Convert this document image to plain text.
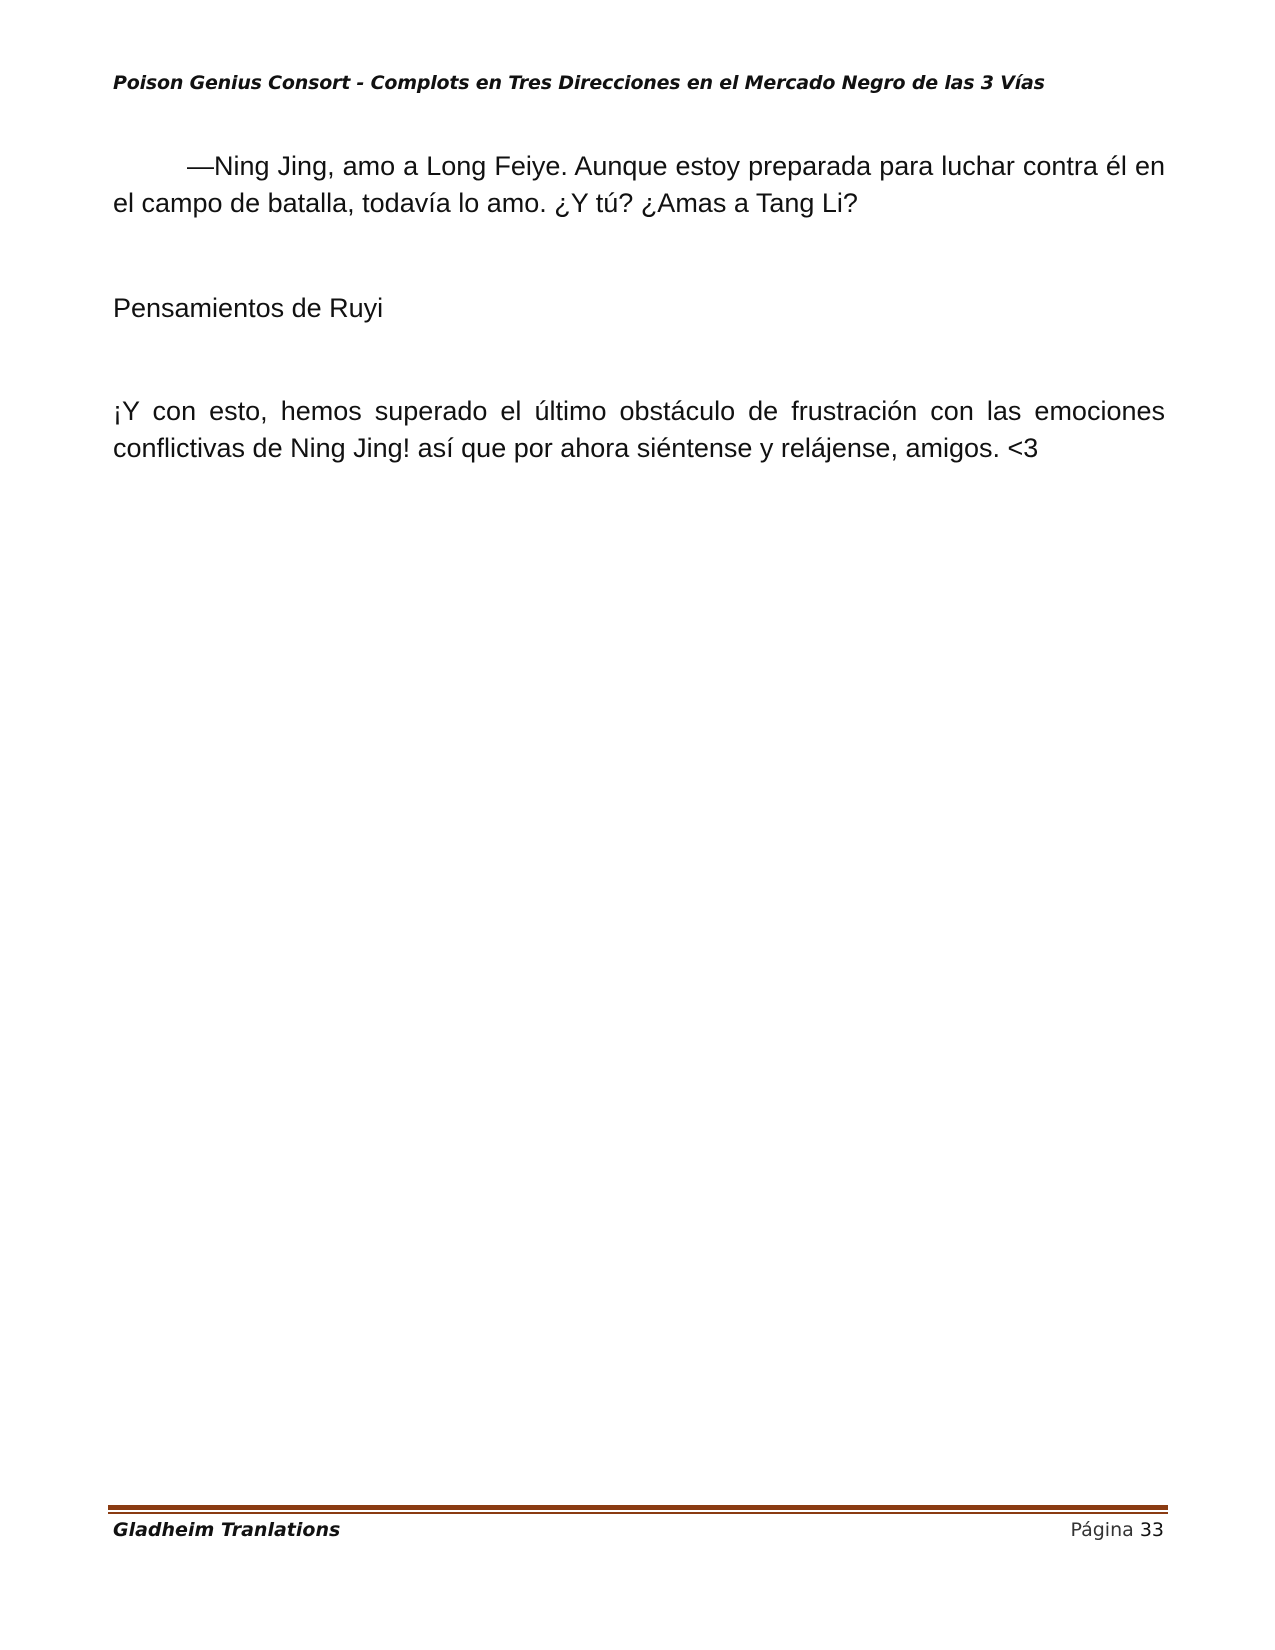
Poison Genius Consort - Complots en Tres Direcciones en el Mercado Negro de las 3 Vías

—Ning Jing, amo a Long Feiye. Aunque estoy preparada para luchar contra él en el campo de batalla, todavía lo amo. ¿Y tú? ¿Amas a Tang Li?

Pensamientos de Ruyi

¡Y con esto, hemos superado el último obstáculo de frustración con las emociones conflictivas de Ning Jing! así que por ahora siéntense y relájense, amigos. <3

Gladheim Tranlations	Página 33
